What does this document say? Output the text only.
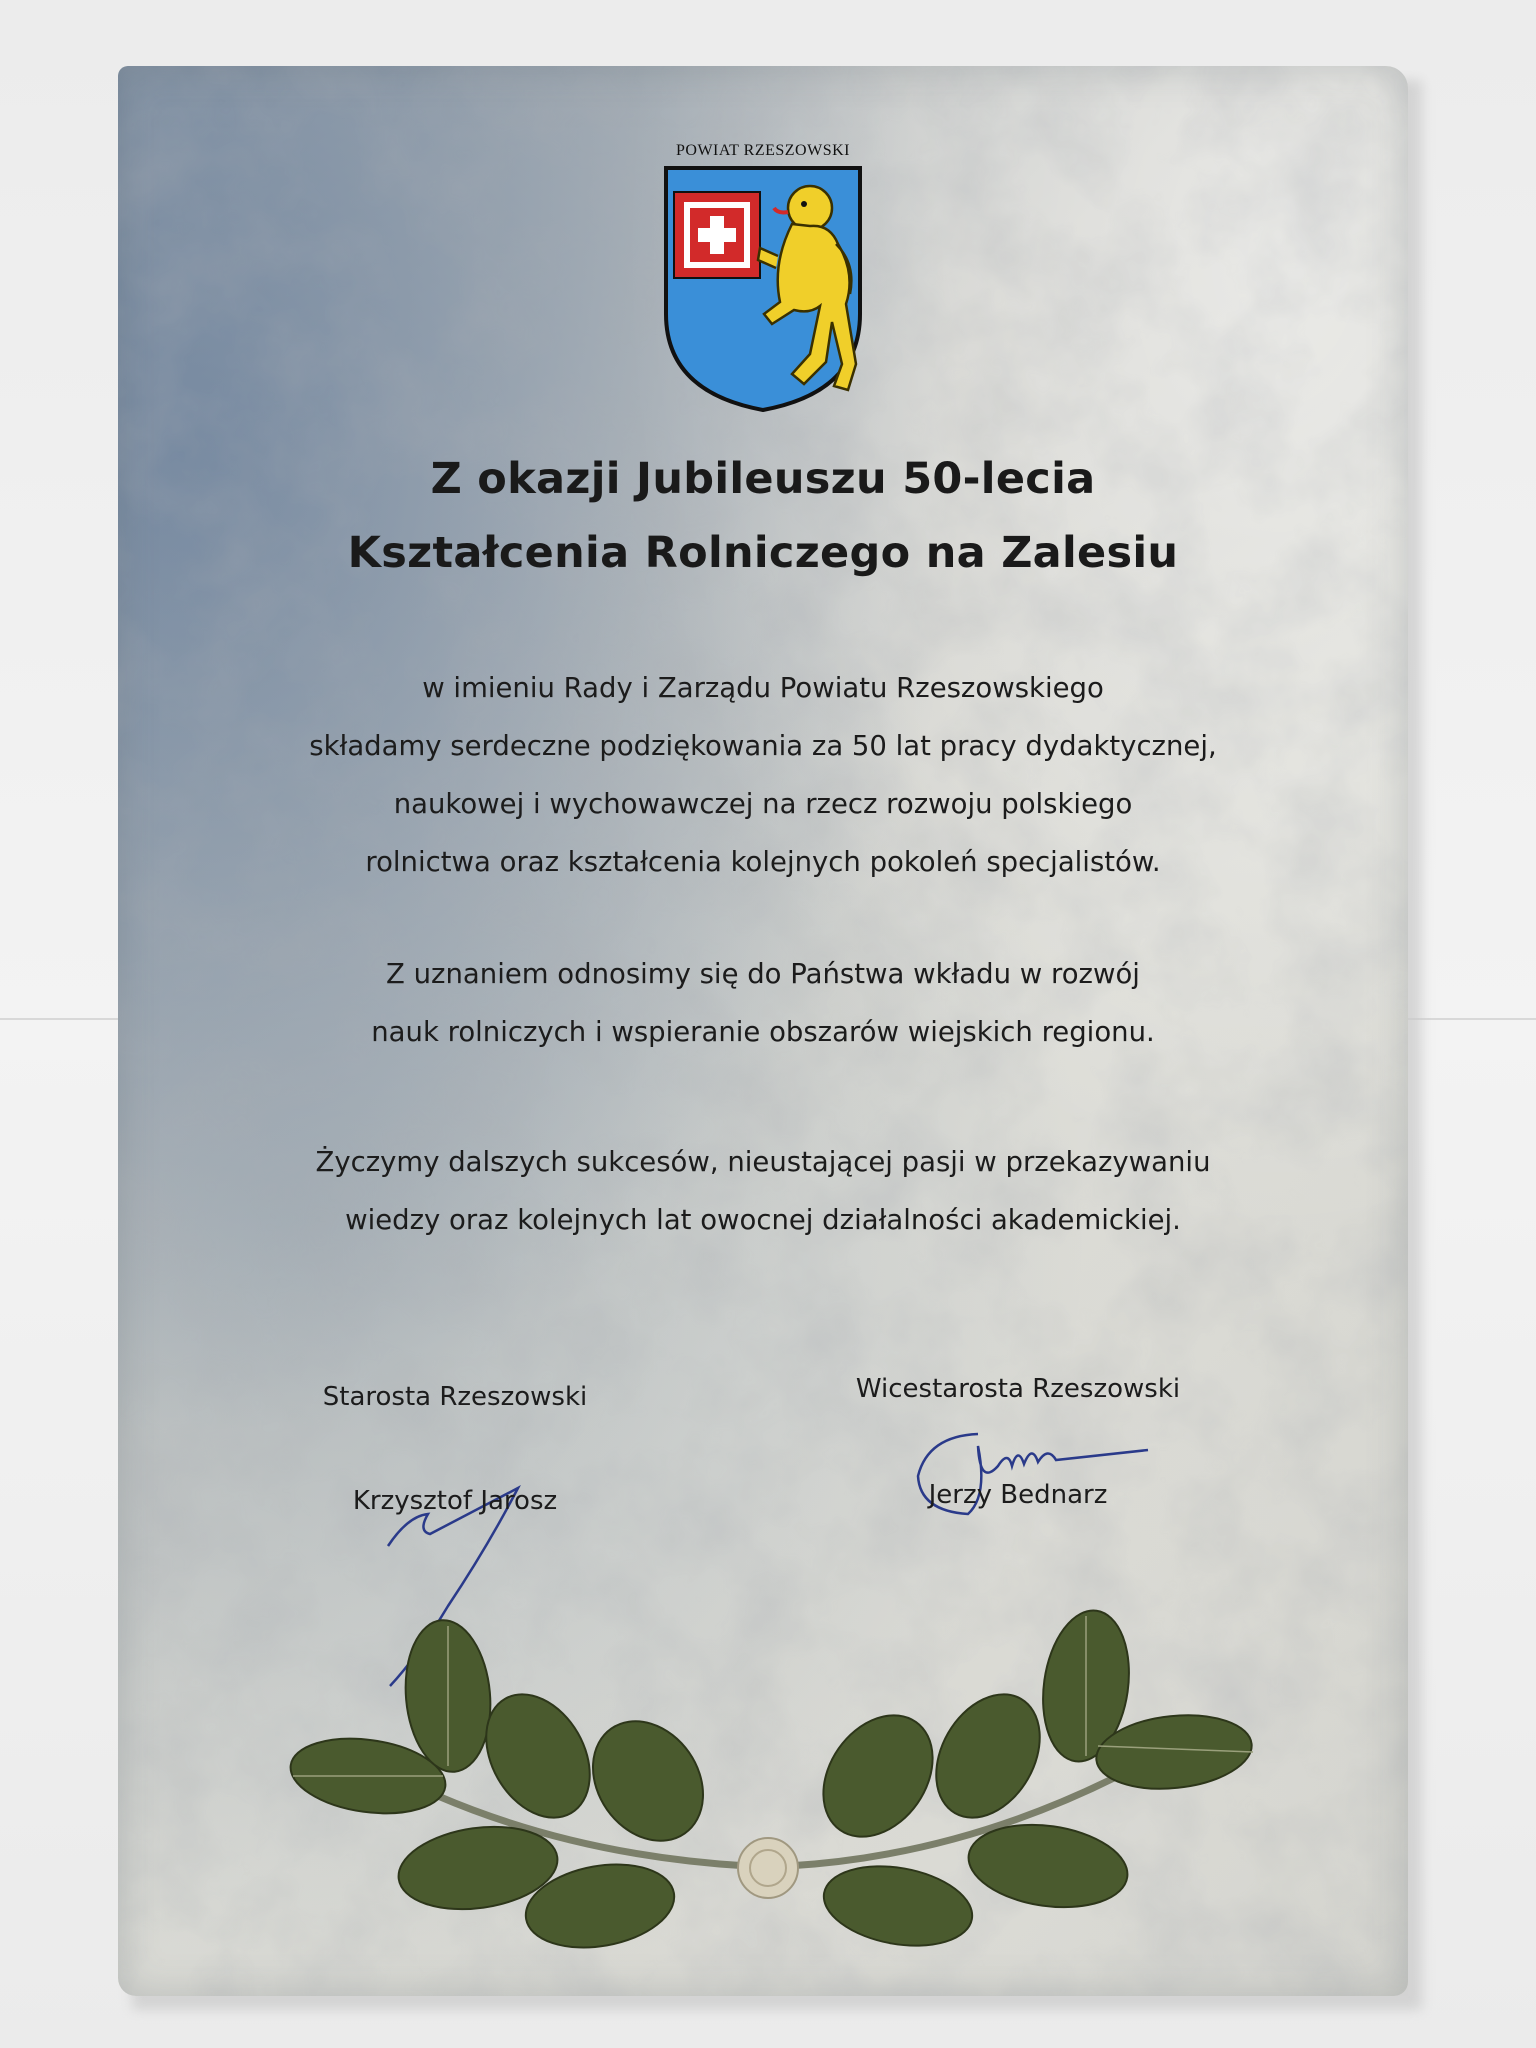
POWIAT RZESZOWSKI
Z okazji Jubileuszu 50-lecia
Kształcenia Rolniczego na Zalesiu
w imieniu Rady i Zarządu Powiatu Rzeszowskiego
składamy serdeczne podziękowania za 50 lat pracy dydaktycznej,
naukowej i wychowawczej na rzecz rozwoju polskiego
rolnictwa oraz kształcenia kolejnych pokoleń specjalistów.
Z uznaniem odnosimy się do Państwa wkładu w rozwój
nauk rolniczych i wspieranie obszarów wiejskich regionu.
Życzymy dalszych sukcesów, nieustającej pasji w przekazywaniu
wiedzy oraz kolejnych lat owocnej działalności akademickiej.
Starosta Rzeszowski
Krzysztof Jarosz
Wicestarosta Rzeszowski
Jerzy Bednarz
